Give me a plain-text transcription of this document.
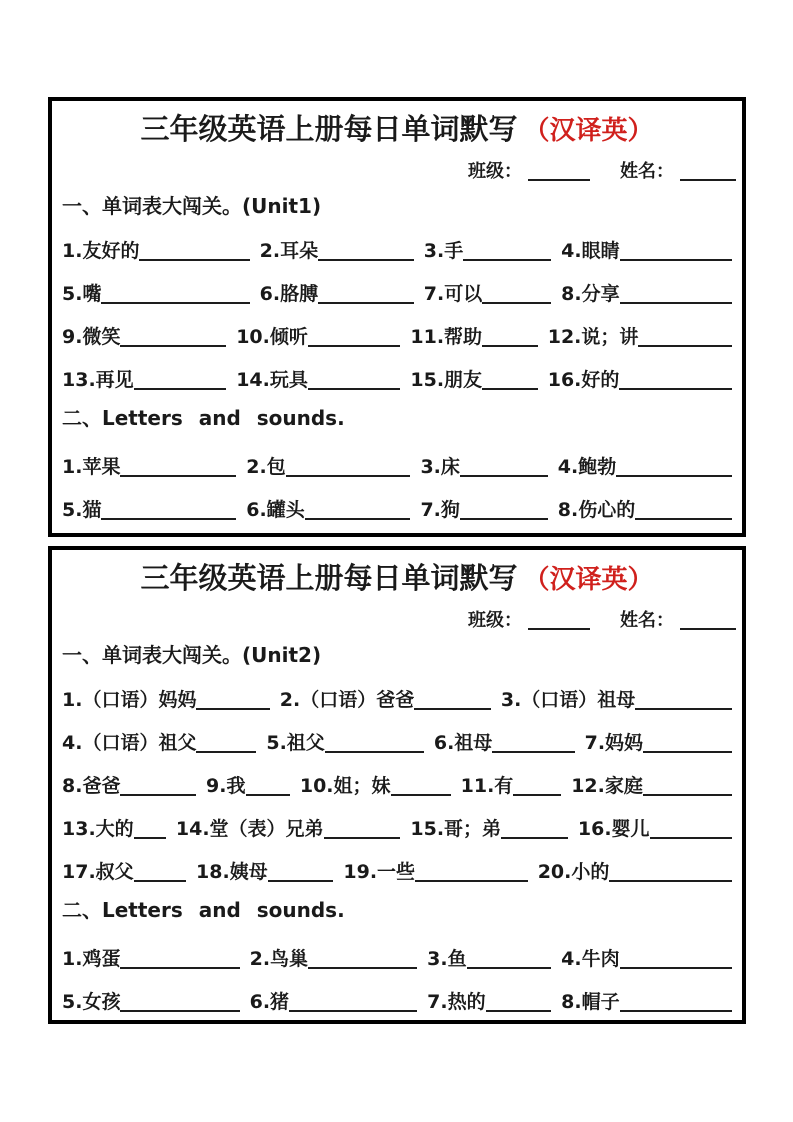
三年级英语上册每日单词默写 （汉译英）
班级：	姓名：
一、单词表大闯关。(Unit1)
1.友好的	2.耳朵	3.手	4.眼睛
5.嘴	6.胳膊	7.可以	8.分享
9.微笑	10.倾听	11.帮助	12.说；讲
13.再见	14.玩具	15.朋友	16.好的
二、Letters and sounds.
1.苹果	2.包	3.床	4.鲍勃
5.猫	6.罐头	7.狗	8.伤心的
三年级英语上册每日单词默写 （汉译英）
班级：	姓名：
一、单词表大闯关。(Unit2)
1.（口语）妈妈	2.（口语）爸爸	3.（口语）祖母
4.（口语）祖父	5.祖父	6.祖母	7.妈妈
8.爸爸	9.我	10.姐；妹	11.有	12.家庭
13.大的 14.堂（表）兄弟	15.哥；弟	16.婴儿
17.叔父	18.姨母	19.一些	20.小的
二、Letters and sounds.
1.鸡蛋	2.鸟巢	3.鱼	4.牛肉
5.女孩	6.猪	7.热的	8.帽子
